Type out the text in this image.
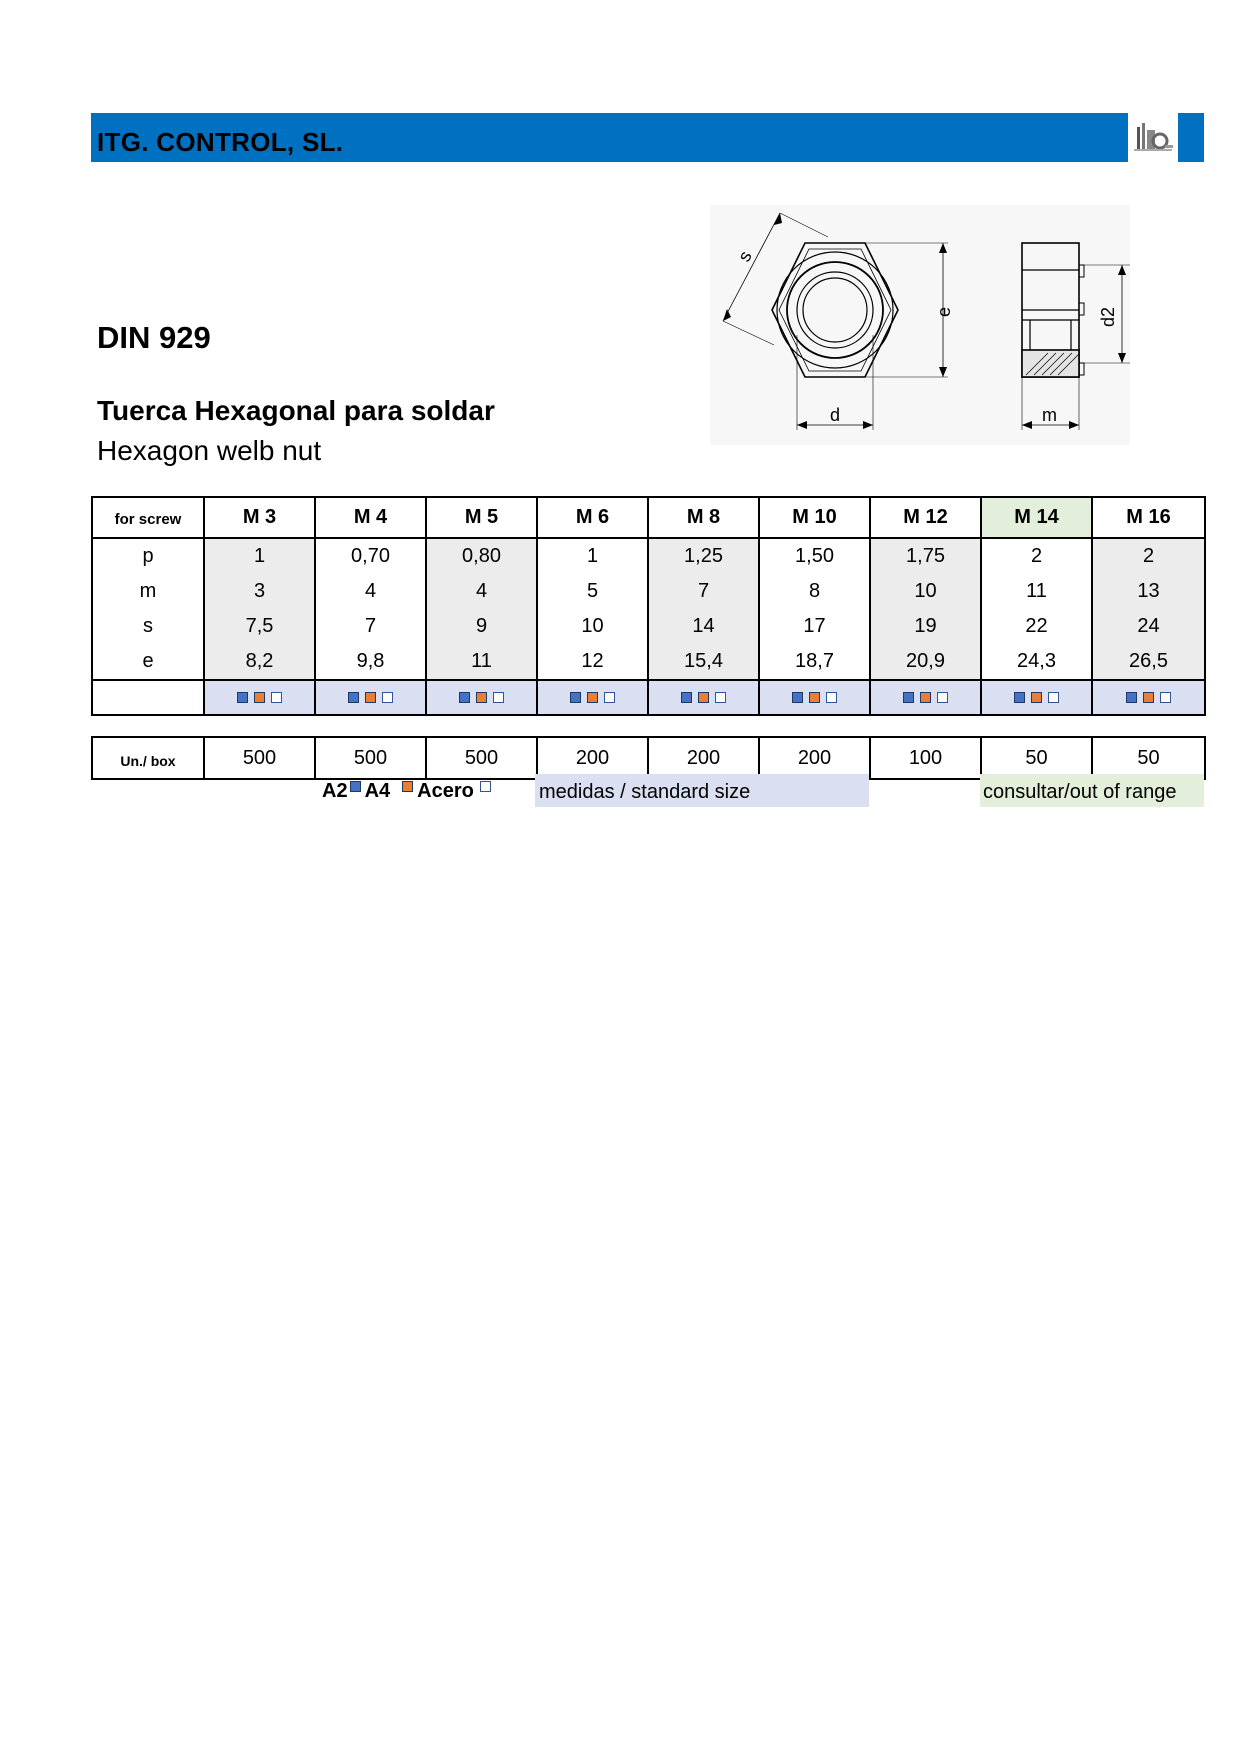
ITG. CONTROL, SL.
DIN 929
Tuerca Hexagonal para soldar
Hexagon welb nut
s
e
d
d2
m
for screw	M 3	M 4	M 5	M 6	M 8	M 10	M 12	M 14	M 16
p	1	0,70	0,80	1	1,25	1,50	1,75	2	2
m	3	4	4	5	7	8	10	11	13
s	7,5	7	9	10	14	17	19	22	24
e	8,2	9,8	11	12	15,4	18,7	20,9	24,3	26,5

Un./ box	500	500	500	200	200	200	100	50	50
A2 A4 Acero	medidas / standard size	consultar/out of range
